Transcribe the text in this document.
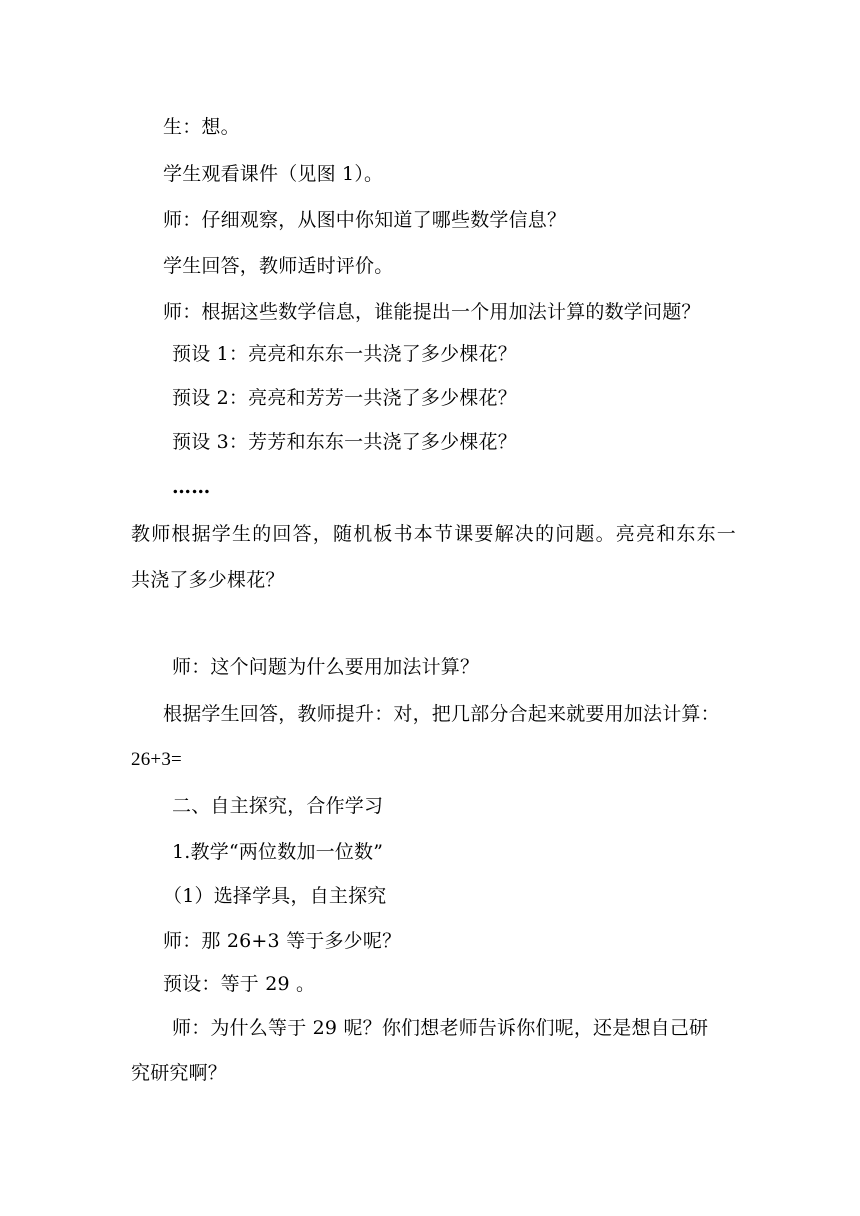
生：想。
学生观看课件（见图 1）。
师：仔细观察，从图中你知道了哪些数学信息？
学生回答，教师适时评价。
师：根据这些数学信息，谁能提出一个用加法计算的数学问题？
预设 1：亮亮和东东一共浇了多少棵花？
预设 2：亮亮和芳芳一共浇了多少棵花？
预设 3：芳芳和东东一共浇了多少棵花？
……
教师根据学生的回答，随机板书本节课要解决的问题。亮亮和东东一
共浇了多少棵花？
师：这个问题为什么要用加法计算？
根据学生回答，教师提升：对，把几部分合起来就要用加法计算：
26+3=
二、自主探究，合作学习
1.教学“两位数加一位数”
（1）选择学具，自主探究
师：那 26+3 等于多少呢？
预设：等于 29 。
师：为什么等于 29 呢？你们想老师告诉你们呢，还是想自己研
究研究啊？
